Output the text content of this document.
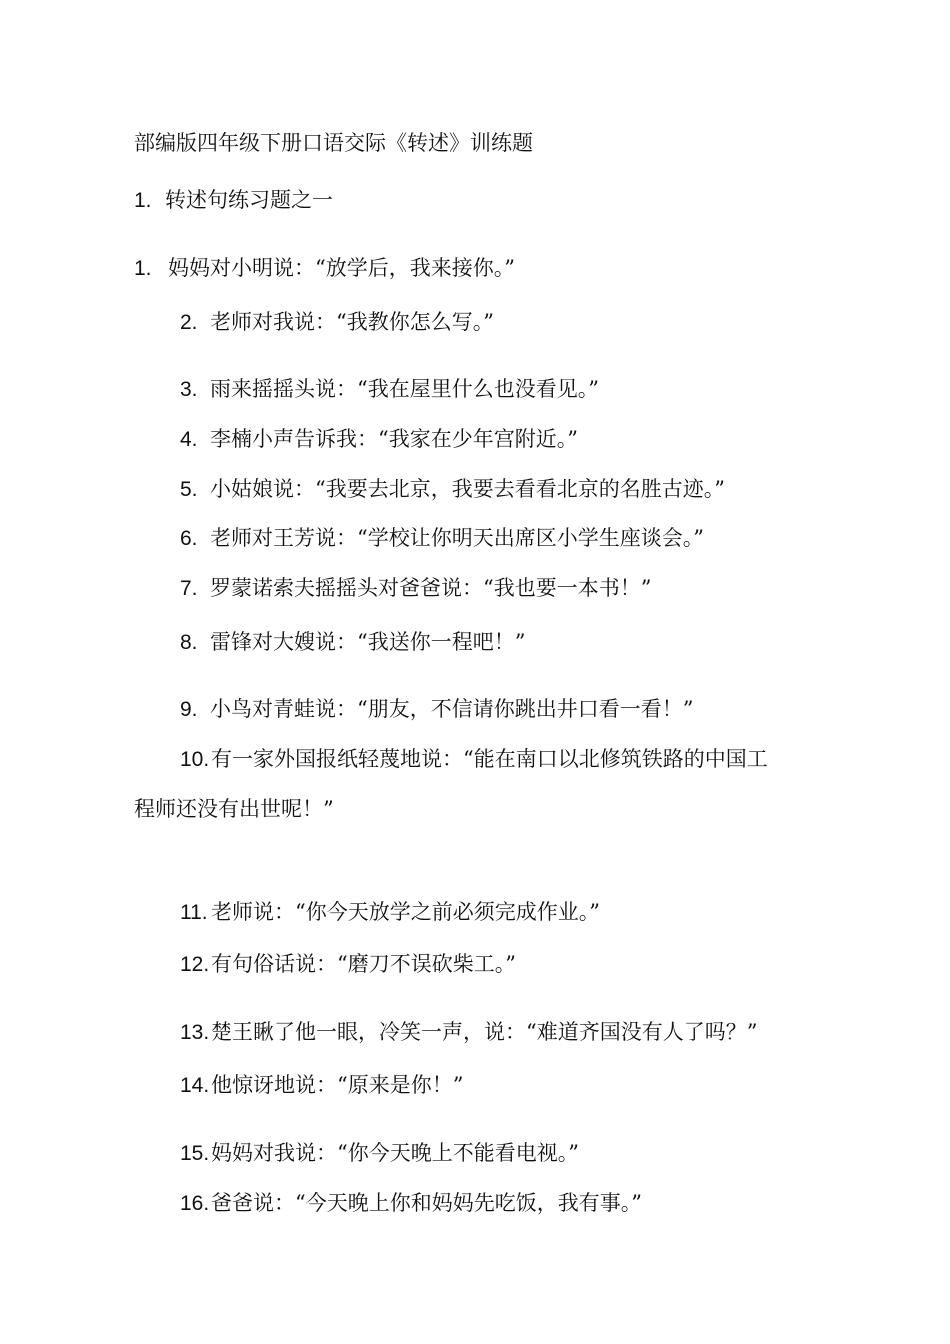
部编版四年级下册口语交际《转述》训练题
1. 转述句练习题之一
1. 妈妈对小明说：“放学后，我来接你。”
2. 老师对我说：“我教你怎么写。”
3. 雨来摇摇头说：“我在屋里什么也没看见。”
4. 李楠小声告诉我：“我家在少年宫附近。”
5. 小姑娘说：“我要去北京，我要去看看北京的名胜古迹。”
6. 老师对王芳说：“学校让你明天出席区小学生座谈会。”
7. 罗蒙诺索夫摇摇头对爸爸说：“我也要一本书！”
8. 雷锋对大嫂说：“我送你一程吧！”
9. 小鸟对青蛙说：“朋友，不信请你跳出井口看一看！”
10.有一家外国报纸轻蔑地说：“能在南口以北修筑铁路的中国工
程师还没有出世呢！”
11. 老师说：“你今天放学之前必须完成作业。”
12.有句俗话说：“磨刀不误砍柴工。”
13.楚王瞅了他一眼，冷笑一声，说：“难道齐国没有人了吗？”
14.他惊讶地说：“原来是你！”
15.妈妈对我说：“你今天晚上不能看电视。”
16.爸爸说：“今天晚上你和妈妈先吃饭，我有事。”
